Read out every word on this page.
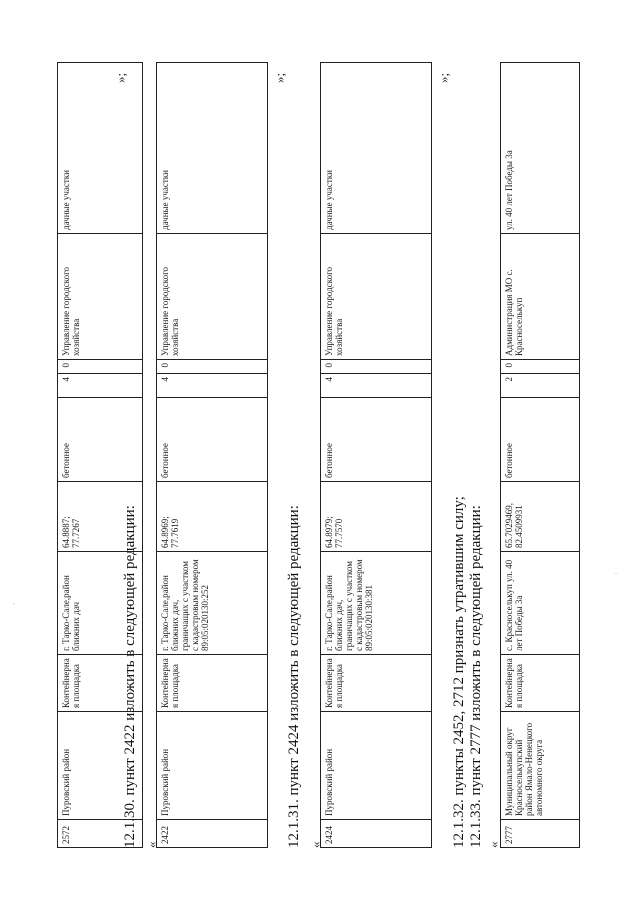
·
·
2572	Пуровский район	Контейнерная площадка	г. Тарко-Сале,район ближних дач	64.8887; 77.7267	бетонное	4	0	Управление городского хозяйства	дачные участки	
»;
12.1.30. пункт 2422 изложить в следующей редакции: «
2422	Пуровский район	Контейнерная площадка	г. Тарко-Сале,район ближних дач, граничащих с участком с кадастровым номером 89:05:020130:252	64.8969; 77.7619	бетонное	4	0	Управление городского хозяйства	дачные участки	
»;
12.1.31. пункт 2424 изложить в следующей редакции: «
2424	Пуровский район	Контейнерная площадка	г. Тарко-Сале,район ближних дач, граничащих с участком с кадастровым номером 89:05:020130:381	64.8979; 77.7570	бетонное	4	0	Управление городского хозяйства	дачные участки	
»;
12.1.32. пункты 2452, 2712 признать утратившим силу; 12.1.33. пункт 2777 изложить в следующей редакции: «
2777	Муниципальный округ Красноселькупский район Ямало-Ненецкого автономного округа	Контейнерная площадка	с. Красноселькуп ул. 40 лет Победы 3а	65.7029469, 82.4509931	бетонное	2	0	Администрация МО с. Красноселькуп	ул. 40 лет Победы 3а	
